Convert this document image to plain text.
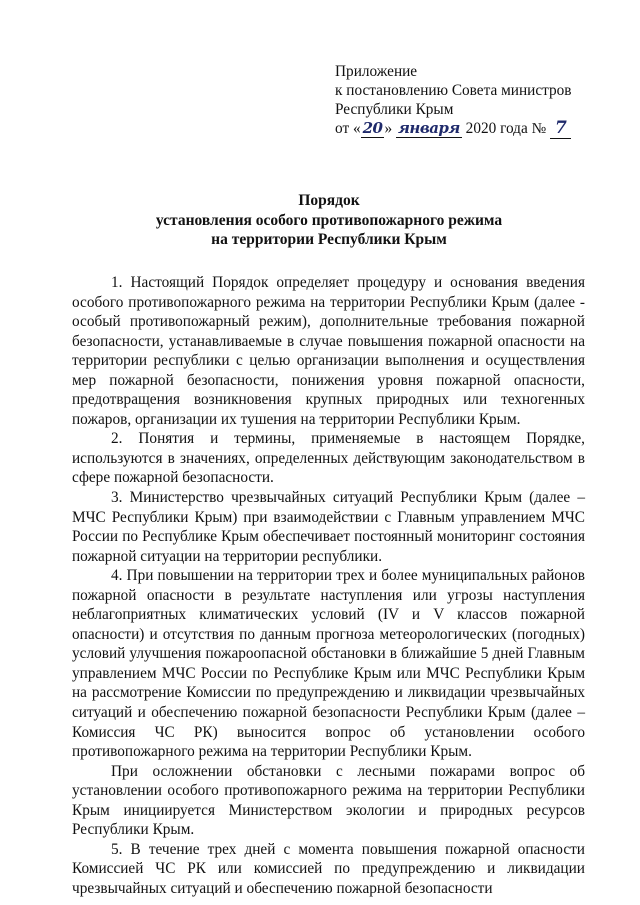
Приложение
к постановлению Совета министров
Республики Крым
от « 20 » января 2020 года № 7
Порядок
установления особого противопожарного режима
на территории Республики Крым

1. Настоящий Порядок определяет процедуру и основания введения особого противопожарного режима на территории Республики Крым (далее - особый противопожарный режим), дополнительные требования пожарной безопасности, устанавливаемые в случае повышения пожарной опасности на территории республики с целью организации выполнения и осуществления мер пожарной безопасности, понижения уровня пожарной опасности, предотвращения возникновения крупных природных или техногенных пожаров, организации их тушения на территории Республики Крым.

2. Понятия и термины, применяемые в настоящем Порядке, используются в значениях, определенных действующим законодательством в сфере пожарной безопасности.

3. Министерство чрезвычайных ситуаций Республики Крым (далее – МЧС Республики Крым) при взаимодействии с Главным управлением МЧС России по Республике Крым обеспечивает постоянный мониторинг состояния пожарной ситуации на территории республики.

4. При повышении на территории трех и более муниципальных районов пожарной опасности в результате наступления или угрозы наступления неблагоприятных климатических условий (IV и V классов пожарной опасности) и отсутствия по данным прогноза метеорологических (погодных) условий улучшения пожароопасной обстановки в ближайшие 5 дней Главным управлением МЧС России по Республике Крым или МЧС Республики Крым на рассмотрение Комиссии по предупреждению и ликвидации чрезвычайных ситуаций и обеспечению пожарной безопасности Республики Крым (далее – Комиссия ЧС РК) выносится вопрос об установлении особого противопожарного режима на территории Республики Крым.

При осложнении обстановки с лесными пожарами вопрос об установлении особого противопожарного режима на территории Республики Крым инициируется Министерством экологии и природных ресурсов Республики Крым.

5. В течение трех дней с момента повышения пожарной опасности Комиссией ЧС РК или комиссией по предупреждению и ликвидации чрезвычайных ситуаций и обеспечению пожарной безопасности
